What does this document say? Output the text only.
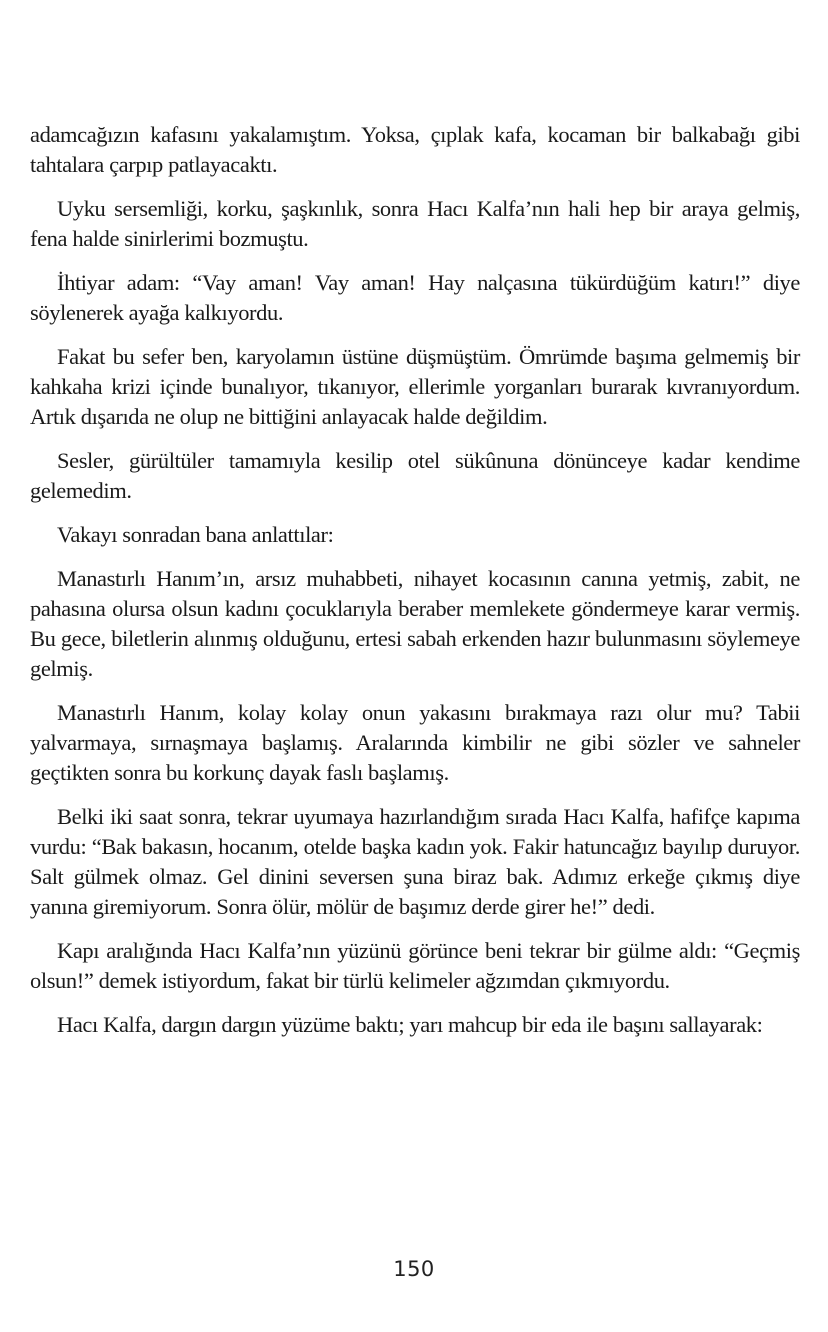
adamcağızın kafasını yakalamıştım. Yoksa, çıplak kafa, kocaman bir balkabağı gibi tahtalara çarpıp patlayacaktı.

Uyku sersemliği, korku, şaşkınlık, sonra Hacı Kalfa’nın hali hep bir araya gelmiş, fena halde sinirlerimi bozmuştu.

İhtiyar adam: “Vay aman! Vay aman! Hay nalçasına tükürdüğüm katırı!” diye söylenerek ayağa kalkıyordu.

Fakat bu sefer ben, karyolamın üstüne düşmüştüm. Ömrümde başıma gelmemiş bir kahkaha krizi içinde bunalıyor, tıkanıyor, ellerimle yorganları burarak kıvranıyordum. Artık dışarıda ne olup ne bittiğini anlayacak halde değildim.

Sesler, gürültüler tamamıyla kesilip otel sükûnuna dönünceye kadar kendime gelemedim.

Vakayı sonradan bana anlattılar:

Manastırlı Hanım’ın, arsız muhabbeti, nihayet kocasının canına yetmiş, zabit, ne pahasına olursa olsun kadını çocuklarıyla beraber memlekete göndermeye karar vermiş. Bu gece, biletlerin alınmış olduğunu, ertesi sabah erkenden hazır bulunmasını söylemeye gelmiş.

Manastırlı Hanım, kolay kolay onun yakasını bırakmaya razı olur mu? Tabii yalvarmaya, sırnaşmaya başlamış. Aralarında kimbilir ne gibi sözler ve sahneler geçtikten sonra bu korkunç dayak faslı başlamış.

Belki iki saat sonra, tekrar uyumaya hazırlandığım sırada Hacı Kalfa, hafifçe kapıma vurdu: “Bak bakasın, hocanım, otelde başka kadın yok. Fakir hatuncağız bayılıp duruyor. Salt gülmek olmaz. Gel dinini seversen şuna biraz bak. Adımız erkeğe çıkmış diye yanına giremiyorum. Sonra ölür, mölür de başımız derde girer he!” dedi.

Kapı aralığında Hacı Kalfa’nın yüzünü görünce beni tekrar bir gülme aldı: “Geçmiş olsun!” demek istiyordum, fakat bir türlü kelimeler ağzımdan çıkmıyordu.

Hacı Kalfa, dargın dargın yüzüme baktı; yarı mahcup bir eda ile başını sallayarak:

150
